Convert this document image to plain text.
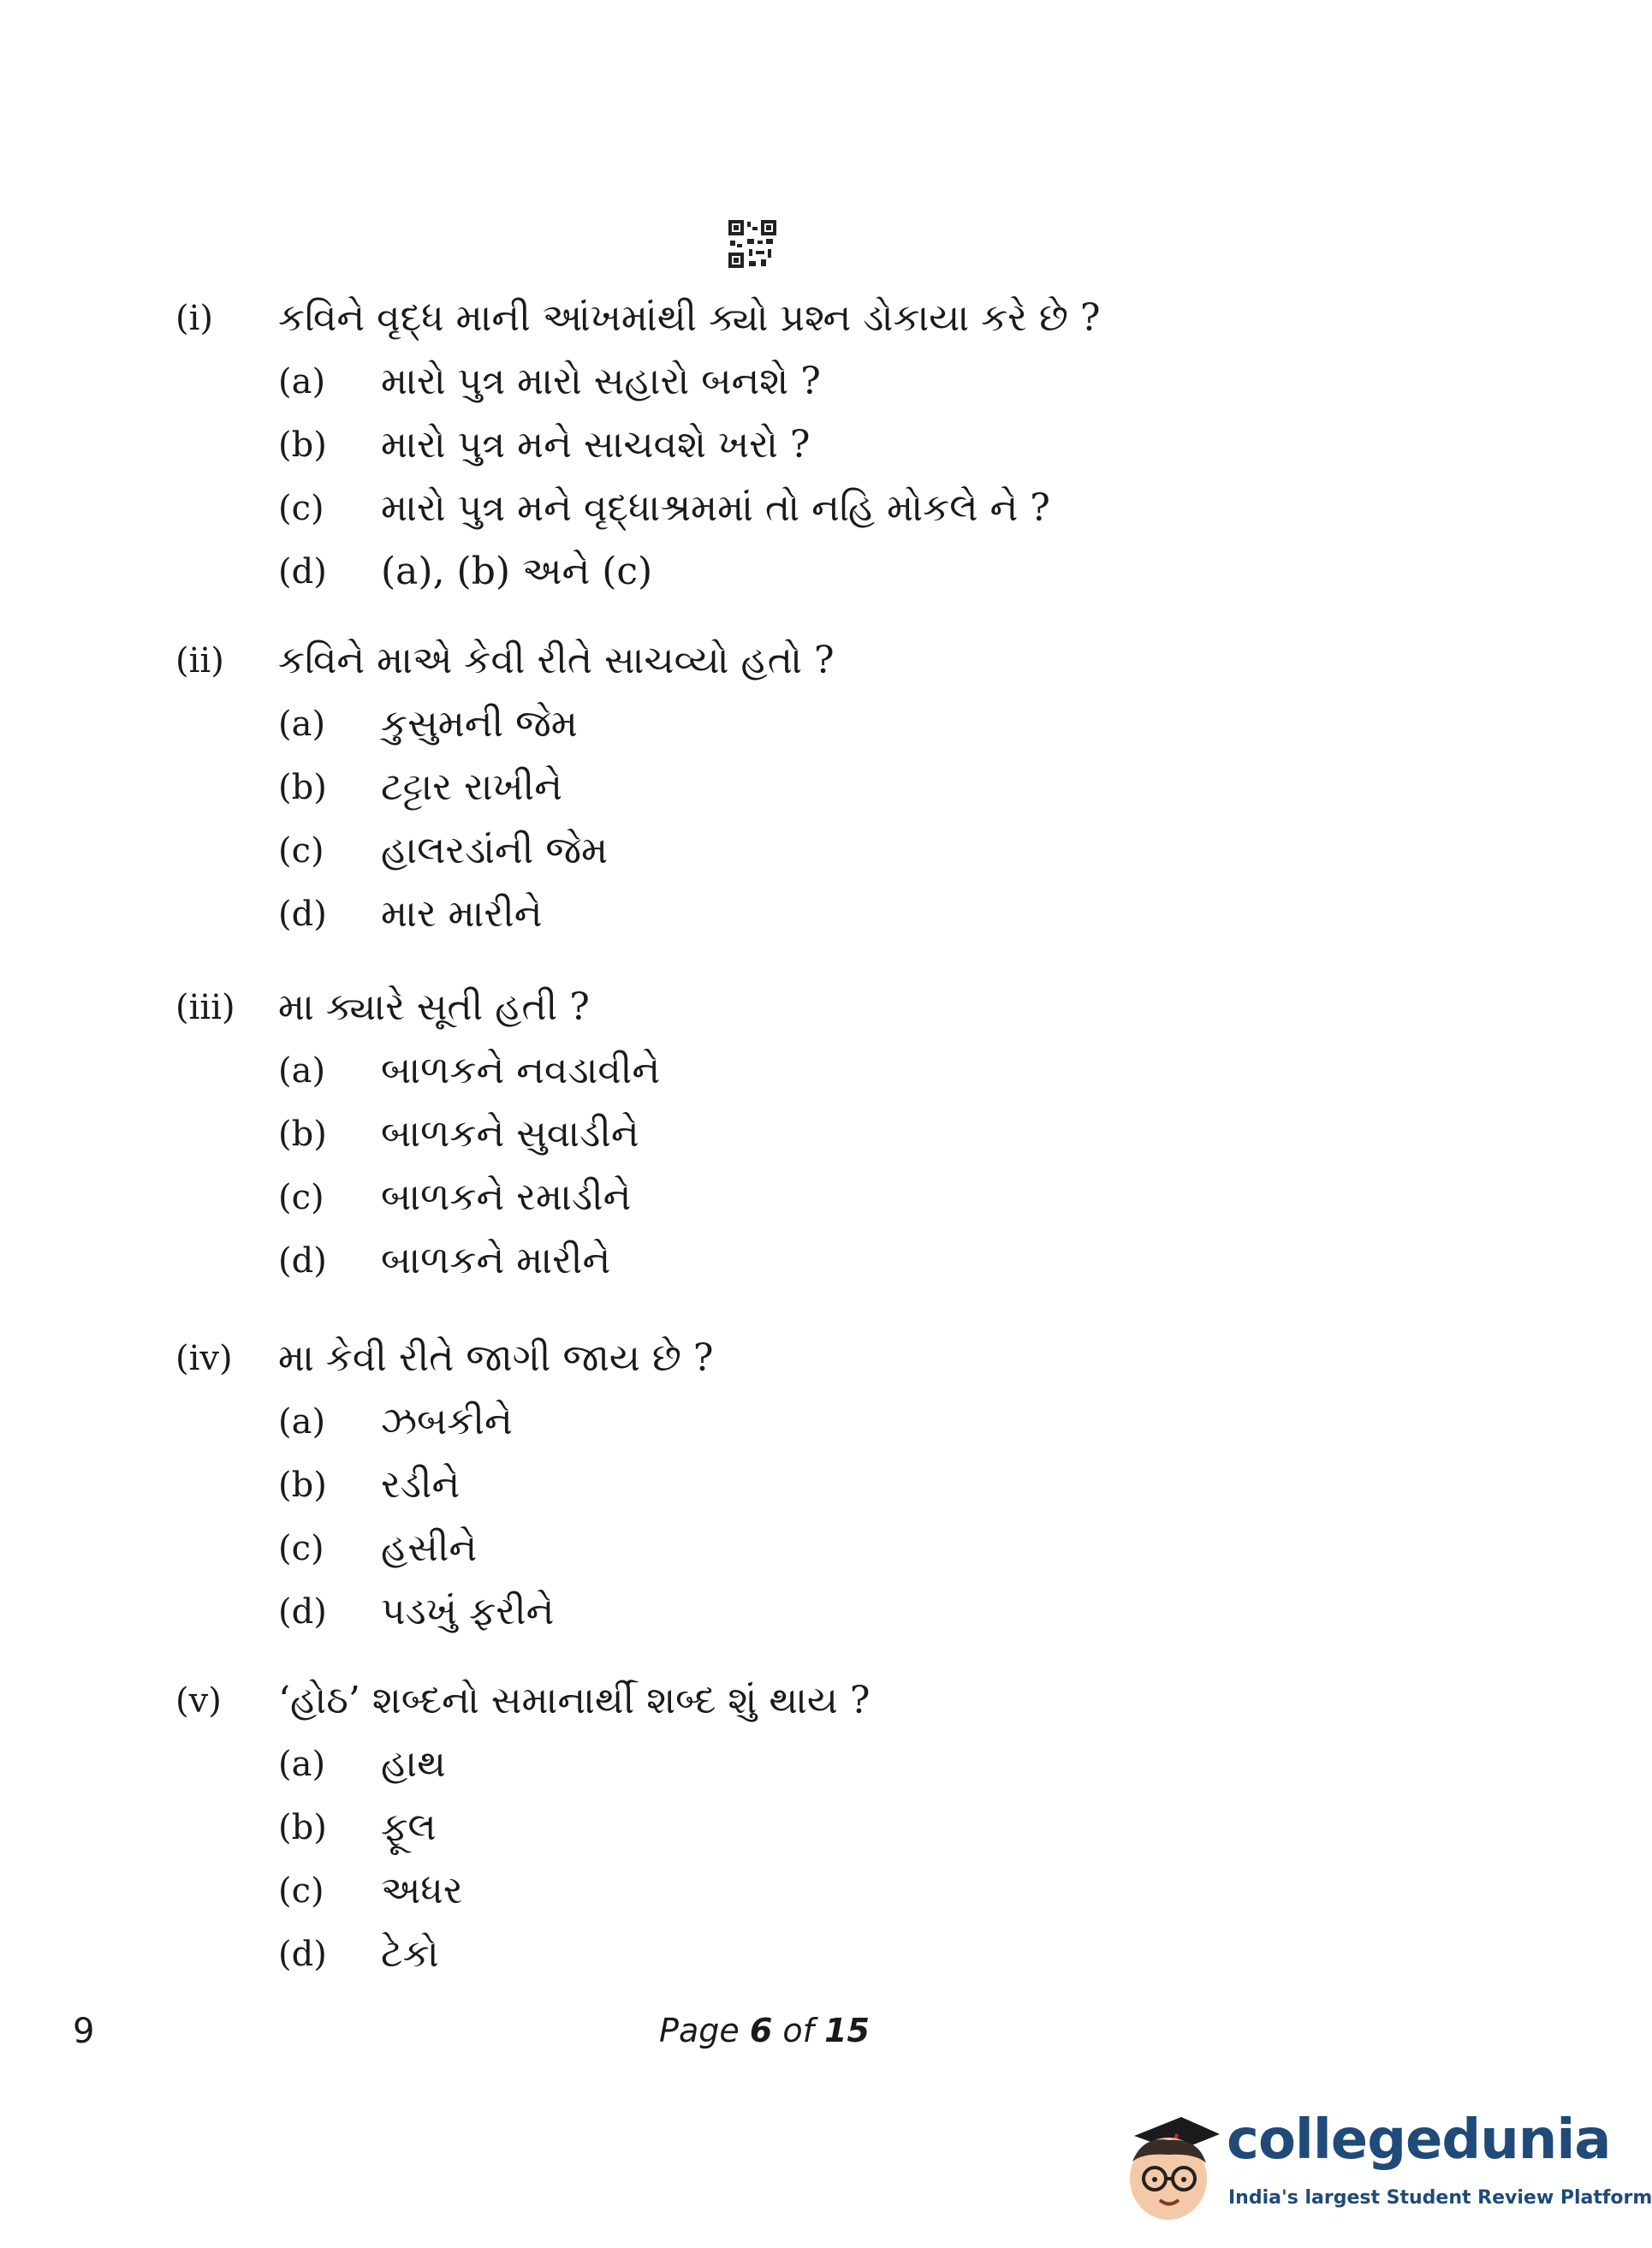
(i) કવિને વૃદ્ધ માની આંખમાંથી ક્યો પ્રશ્ન ડોકાયા કરે છે ?
(a) મારો પુત્ર મારો સહારો બનશે ?
(b) મારો પુત્ર મને સાચવશે ખરો ?
(c) મારો પુત્ર મને વૃદ્ધાશ્રમમાં તો નહિ મોકલે ને ?
(d) (a), (b) અને (c)
(ii) કવિને માએ કેવી રીતે સાચવ્યો હતો ?
(a) કુસુમની જેમ
(b) ટટ્ટાર રાખીને
(c) હાલરડાંની જેમ
(d) માર મારીને
(iii) મા ક્યારે સૂતી હતી ?
(a) બાળકને નવડાવીને
(b) બાળકને સુવાડીને
(c) બાળકને રમાડીને
(d) બાળકને મારીને
(iv) મા કેવી રીતે જાગી જાય છે ?
(a) ઝબકીને
(b) રડીને
(c) હસીને
(d) પડખું ફરીને
(v) ‘હોઠ’ શબ્દનો સમાનાર્થી શબ્દ શું થાય ?
(a) હાથ
(b) ફૂલ
(c) અધર
(d) ટેકો
9	Page 6 of 15
collegedunia
India's largest Student Review Platform
